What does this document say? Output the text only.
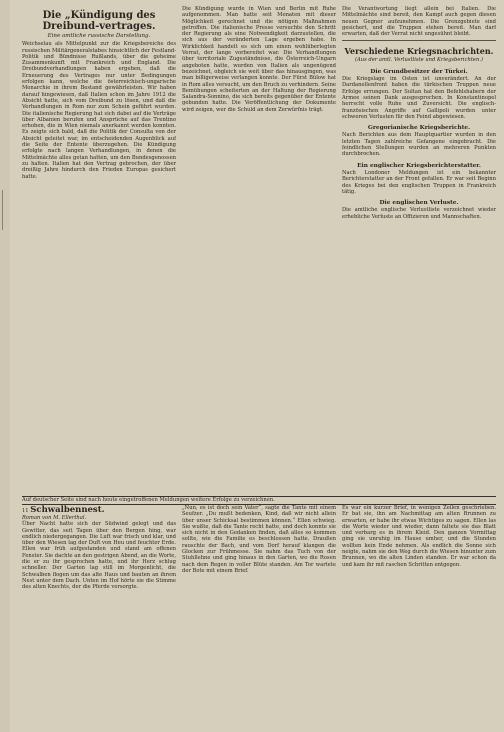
Die „Kündigung des Dreibund-vertrages.
Eine amtliche russische Darstellung.

Weichselau als Mittelpunkt zur die Kriegsbereiche des russischen Militärgeneralstabes hinsichtlich der Festland-Politik und Bündnisse Rußlands, über die geheime Zusammenkunft mit Frankreich und England. Die Dreibundverhandlungen haben ergeben, daß die Erneuerung des Vertrages nur unter Bedingungen erfolgen kann, welche die österreichisch-ungarische Monarchie in ihrem Bestand gewährleisten. Wir haben darauf hingewiesen, daß Italien schon im Jahre 1912 die Absicht hatte, sich vom Dreibund zu lösen, und daß die Verhandlungen in Rom nur zum Schein geführt wurden. Die italienische Regierung hat sich dabei auf die Verträge über Albanien berufen und Ansprüche auf das Trentino erhoben, die in Wien niemals anerkannt werden konnten. Es zeigte sich bald, daß die Politik der Consulta von der Absicht geleitet war, im entscheidenden Augenblick auf die Seite der Entente überzugehen. Die Kündigung erfolgte nach langen Verhandlungen, in denen die Mittelmächte alles getan hatten, um den Bundesgenossen zu halten. Italien hat den Vertrag gebrochen, der über dreißig Jahre hindurch den Frieden Europas gesichert hatte.

Die Kündigung wurde in Wien und Berlin mit Ruhe aufgenommen. Man hatte seit Monaten mit dieser Möglichkeit gerechnet und die nötigen Maßnahmen getroffen. Die italienische Presse versuchte den Schritt der Regierung als eine Notwendigkeit darzustellen, die sich aus der veränderten Lage ergeben habe. In Wirklichkeit handelt es sich um einen wohlüberlegten Verrat, der lange vorbereitet war. Die Verhandlungen über territoriale Zugeständnisse, die Österreich-Ungarn angeboten hatte, wurden von Italien als ungenügend bezeichnet, obgleich sie weit über das hinausgingen, was man billigerweise verlangen konnte. Der Fürst Bülow hat in Rom alles versucht, um den Bruch zu verhindern. Seine Bemühungen scheiterten an der Haltung der Regierung Salandra-Sonnino, die sich bereits gegenüber der Entente gebunden hatte. Die Veröffentlichung der Dokumente wird zeigen, wer die Schuld an dem Zerwürfnis trägt.

Die Verantwortung liegt allein bei Italien. Die Mittelmächte sind bereit, den Kampf auch gegen diesen neuen Gegner aufzunehmen. Die Grenzgebiete sind gesichert, und die Truppen stehen bereit. Man darf erwarten, daß der Verrat nicht ungesühnt bleibt.

Verschiedene Kriegsnachrichten.
(Aus der amtl. Verlustliste und Kriegsberichten.)
Die Grundbesitzer der Türkei.

Die Kriegslage im Osten ist unverändert. An der Dardanellenfront haben die türkischen Truppen neue Erfolge errungen. Der Sultan hat den Befehlshabern der Armee seinen Dank ausgesprochen. In Konstantinopel herrscht volle Ruhe und Zuversicht. Die englisch-französischen Angriffe auf Gallipoli wurden unter schweren Verlusten für den Feind abgewiesen.

Gregorianische Kriegsberichte.

Nach Berichten aus dem Hauptquartier wurden in den letzten Tagen zahlreiche Gefangene eingebracht. Die feindlichen Stellungen wurden an mehreren Punkten durchbrochen.

Ein englischer Kriegsberichterstatter.

Nach Londoner Meldungen ist ein bekannter Berichterstatter an der Front gefallen. Er war seit Beginn des Krieges bei den englischen Truppen in Frankreich tätig.

Die englischen Verluste.

Die amtliche englische Verlustliste verzeichnet wieder erhebliche Verluste an Offizieren und Mannschaften.

Auf deutscher Seite sind nach heute eingetroffenen Meldungen weitere Erfolge zu verzeichnen.
11 Schwalbennest.
Roman von M. Ellerthal.

Über Nacht hatte sich der Südwind gelegt und das Gewitter, das seit Tagen über den Bergen hing, war endlich niedergegangen. Die Luft war frisch und klar, und über den Wiesen lag der Duft von Heu und feuchter Erde. Ellen war früh aufgestanden und stand am offenen Fenster. Sie dachte an den gestrigen Abend, an die Worte, die er zu ihr gesprochen hatte, und ihr Herz schlug schneller. Der Garten lag still im Morgenlicht, die Schwalben flogen um das alte Haus und bauten an ihrem Nest unter dem Dach. Unten im Hof hörte sie die Stimme des alten Knechts, der die Pferde versorgte.

„Nun, es ist doch sein Vater“, sagte die Tante mit einem Seufzer. „Du mußt bedenken, Kind, daß wir nicht allein über unser Schicksal bestimmen können.“ Ellen schwieg. Sie wußte, daß die Tante recht hatte, und doch konnte sie sich nicht in den Gedanken finden, daß alles so kommen sollte, wie die Familie es beschlossen hatte. Draußen rauschte der Bach, und vom Dorf herauf klangen die Glocken zur Frühmesse. Sie nahm das Tuch von der Stuhllehne und ging hinaus in den Garten, wo die Rosen nach dem Regen in voller Blüte standen. Am Tor wartete der Bote mit einem Brief.

Es war ein kurzer Brief, in wenigen Zeilen geschrieben. Er bat sie, ihn am Nachmittag am alten Brunnen zu erwarten, er habe ihr etwas Wichtiges zu sagen. Ellen las die Worte wieder und wieder, dann faltete sie das Blatt und verbarg es in ihrem Kleid. Den ganzen Vormittag ging sie unruhig im Hause umher, und die Stunden wollten kein Ende nehmen. Als endlich die Sonne sich neigte, nahm sie den Weg durch die Wiesen hinunter zum Brunnen, wo die alten Linden standen. Er war schon da und kam ihr mit raschen Schritten entgegen.
